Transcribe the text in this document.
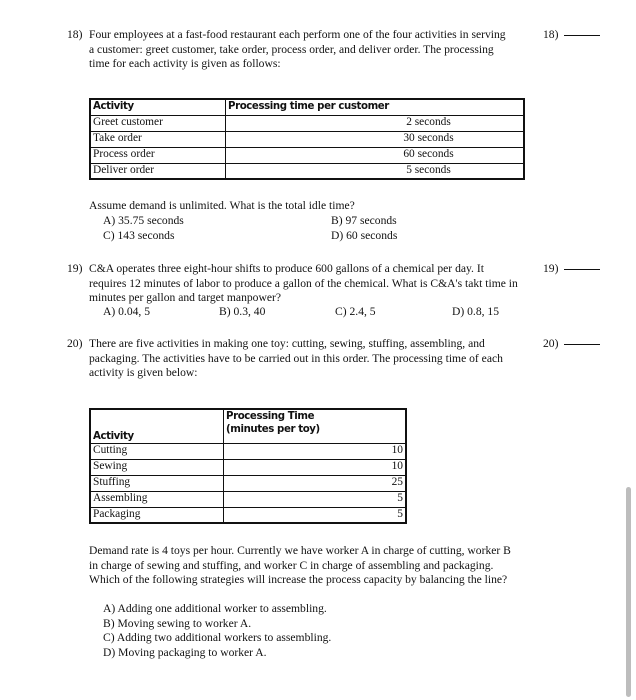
18) Four employees at a fast-food restaurant each perform one of the four activities in serving a customer: greet customer, take order, process order, and deliver order. The processing time for each activity is given as follows:
18)
Activity	Processing time per customer
Greet customer	2 seconds
Take order	30 seconds
Process order	60 seconds
Deliver order	5 seconds
Assume demand is unlimited. What is the total idle time?
A) 35.75 seconds	B) 97 seconds
C) 143 seconds	D) 60 seconds
19) C&A operates three eight-hour shifts to produce 600 gallons of a chemical per day. It requires 12 minutes of labor to produce a gallon of the chemical. What is C&A's takt time in minutes per gallon and target manpower?
19)
A) 0.04, 5	B) 0.3, 40	C) 2.4, 5	D) 0.8, 15
20) There are five activities in making one toy: cutting, sewing, stuffing, assembling, and packaging. The activities have to be carried out in this order. The processing time of each activity is given below:
20)
Activity	Processing Time
(minutes per toy)

Cutting	10
Sewing	10
Stuffing	25
Assembling	5
Packaging	5
Demand rate is 4 toys per hour. Currently we have worker A in charge of cutting, worker B in charge of sewing and stuffing, and worker C in charge of assembling and packaging. Which of the following strategies will increase the process capacity by balancing the line?
A) Adding one additional worker to assembling.
B) Moving sewing to worker A.
C) Adding two additional workers to assembling.
D) Moving packaging to worker A.
